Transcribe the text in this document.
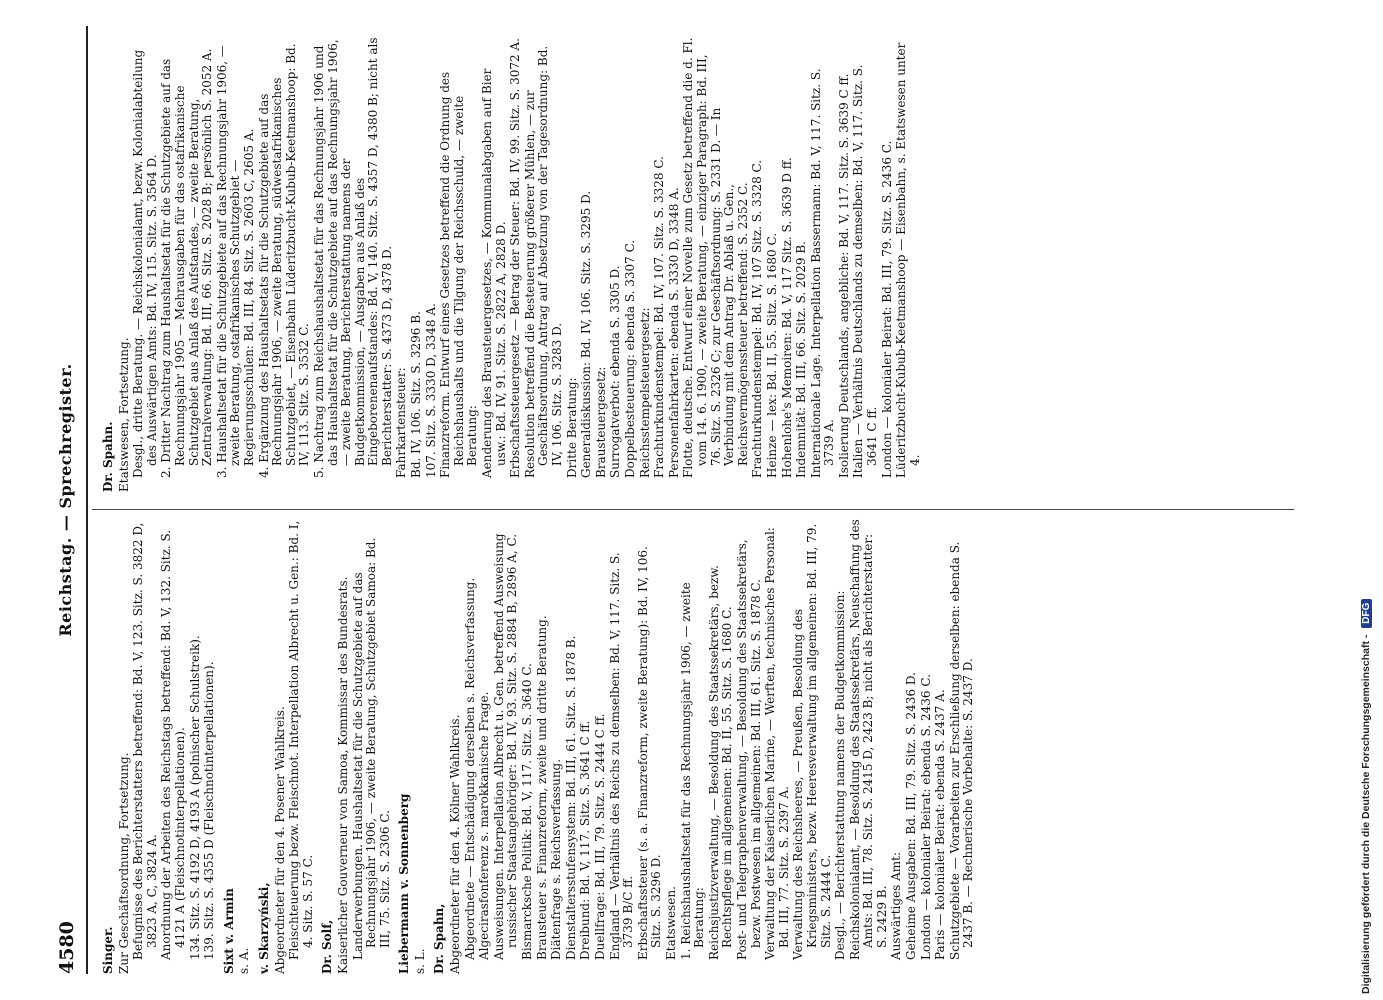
4580
Reichstag. — Sprechregister.
Singer. Zur Geschäftsordnung, Fortsetzung. Befugnisse des Berichterstatters betreffend: Bd. V, 123. Sitz. S. 3822 D, 3823 A, C, 3824 A. Anordnung der Arbeiten des Reichstags betreffend: Bd. V, 132. Sitz. S. 4121 A (Fleischnotinterpellationen). 134. Sitz. S. 4192 D, 4193 A (polnischer Schulstreik). 139. Sitz. S. 4355 D (Fleischnotinterpellationen). Sixt v. Armin s. A. v. Skarzyński, Abgeordneter für den 4. Posener Wahlkreis. Fleischteuerung bezw. Fleischnot. Interpellation Albrecht u. Gen.: Bd. I, 4. Sitz. S. 57 C. Dr. Solf, Kaiserlicher Gouverneur von Samoa, Kommissar des Bundesrats. Landerwerbungen. Haushaltsetat für die Schutzgebiete auf das Rechnungsjahr 1906, — zweite Beratung, Schutzgebiet Samoa: Bd. III, 75. Sitz. S. 2306 C. Liebermann v. Sonnenberg s. L. Dr. Spahn, Abgeordneter für den 4. Kölner Wahlkreis. Abgeordnete — Entschädigung derselben s. Reichsverfassung. Algecirasfonferenz s. marokkanische Frage. Ausweisungen. Interpellation Albrecht u. Gen. betreffend Ausweisung russischer Staatsangehöriger: Bd. IV, 93. Sitz. S. 2884 B, 2896 A, C. Bismarcksche Politik: Bd. V, 117. Sitz. S. 3640 C. Brausteuer s. Finanzreform, zweite und dritte Beratung. Diätenfrage s. Reichsverfassung. Dienstaltersstufensystem: Bd. III, 61. Sitz. S. 1878 B. Dreibund: Bd. V, 117. Sitz. S. 3641 C ff. Duellfrage: Bd. III, 79. Sitz. S. 2444 C ff. England — Verhältnis des Reichs zu demselben: Bd. V, 117. Sitz. S. 3739 B/C ff. Erbschaftssteuer (s. a. Finanzreform, zweite Beratung): Bd. IV, 106. Sitz. S. 3296 D. Etatswesen. 1. Reichshaushaltsetat für das Rechnungsjahr 1906, — zweite Beratung: Reichsjustizverwaltung, — Besoldung des Staatssekretärs, bezw. Rechtspflege im allgemeinen: Bd. II, 55. Sitz. S. 1680 C. Post- und Telegraphenverwaltung, — Besoldung des Staatssekretärs, bezw. Postwesen im allgemeinen: Bd. III, 61. Sitz. S. 1878 C. Verwaltung der Kaiserlichen Marine, — Werften, technisches Personal: Bd. III, 77. Sitz. S. 2397 A. Verwaltung des Reichsheeres, — Preußen, Besoldung des Kriegsministers, bezw. Heeresverwaltung im allgemeinen: Bd. III, 79. Sitz. S. 2444 C. Desgl., — Berichterstattung namens der Budgetkommission: Reichskolonialamt, — Besoldung des Staatssekretärs, Neuschaffung des Amts: Bd. III, 78. Sitz. S. 2415 D, 2423 B; nicht als Berichterstatter: S. 2429 B. Auswärtiges Amt: Geheime Ausgaben: Bd. III, 79. Sitz. S. 2436 D. London — kolonialer Beirat: ebenda S. 2436 C. Paris — kolonialer Beirat: ebenda S. 2437 A. Schutzgebiete — Vorarbeiten zur Erschließung derselben: ebenda S. 2437 B. — Rechnerische Vorbehalte: S. 2437 D.
Dr. Spahn. Etatswesen, Fortsetzung. Desgl., dritte Beratung. — Reichskolonialamt, bezw. Kolonialabteilung des Auswärtigen Amts: Bd. IV, 115. Sitz. S. 3564 D. 2. Dritter Nachtrag zum Haushaltsetat für die Schutzgebiete auf das Rechnungsjahr 1905 — Mehrausgaben für das ostafrikanische Schutzgebiet aus Anlaß des Aufstandes, — zweite Beratung, Zentralverwaltung: Bd. III, 66. Sitz. S. 2028 B; persönlich S. 2052 A. 3. Haushaltsetat für die Schutzgebiete auf das Rechnungsjahr 1906, — zweite Beratung, ostafrikanisches Schutzgebiet — Regierungsschulen: Bd. III, 84. Sitz. S. 2603 C, 2605 A. 4. Ergänzung des Haushaltsetats für die Schutzgebiete auf das Rechnungsjahr 1906, — zweite Beratung, südwestafrikanisches Schutzgebiet, — Eisenbahn Lüderitzbucht-Kubub-Keetmanshoop: Bd. IV, 113. Sitz. S. 3532 C. 5. Nachtrag zum Reichshaushaltsetat für das Rechnungsjahr 1906 und das Haushaltsetat für die Schutzgebiete auf das Rechnungsjahr 1906, — zweite Beratung, Berichterstattung namens der Budgetkommission, — Ausgaben aus Anlaß des Eingeborenenaufstandes: Bd. V, 140. Sitz. S. 4357 D, 4380 B; nicht als Berichterstatter: S. 4373 D, 4378 D. Fahrkartensteuer: Bd. IV, 106. Sitz. S. 3296 B. 107. Sitz. S. 3330 D, 3348 A. Finanzreform. Entwurf eines Gesetzes betreffend die Ordnung des Reichshaushalts und die Tilgung der Reichsschuld, — zweite Beratung: Aenderung des Brausteuergesetzes, — Kommunalabgaben auf Bier usw.: Bd. IV, 91. Sitz. S. 2822 A, 2828 D. Erbschaftssteuergesetz — Betrag der Steuer: Bd. IV, 99. Sitz. S. 3072 A. Resolution betreffend die Besteuerung größerer Mühlen, — zur Geschäftsordnung, Antrag auf Absetzung von der Tagesordnung: Bd. IV, 106. Sitz. S. 3283 D. Dritte Beratung: Generaldiskussion: Bd. IV, 106. Sitz. S. 3295 D. Brausteuergesetz: Surrogatverbot: ebenda S. 3305 D. Doppelbesteuerung: ebenda S. 3307 C. Reichsstempelsteuergesetz: Frachturkundenstempel: Bd. IV, 107. Sitz. S. 3328 C. Personenfahrkarten: ebenda S. 3330 D, 3348 A. Flotte, deutsche. Entwurf einer Novelle zum Gesetz betreffend die d. Fl. vom 14. 6. 1900, — zweite Beratung, — einziger Paragraph: Bd. III, 76. Sitz. S. 2326 C; zur Geschäftsordnung: S. 2331 D. — In Verbindung mit dem Antrag Dr. Ablaß u. Gen., Reichsvermögenssteuer betreffend: S. 2352 C. Frachturkundenstempel: Bd. IV, 107 Sitz. S. 3328 C. Heinze — lex: Bd. II, 55. Sitz. S. 1680 C. Hohenlohe's Memoiren: Bd. V, 117 Sitz. S. 3639 D ff. Indemnität: Bd. III, 66. Sitz. S. 2029 B. Internationale Lage. Interpellation Bassermann: Bd. V, 117. Sitz. S. 3739 A. Isolierung Deutschlands, angebliche: Bd. V, 117. Sitz. S. 3639 C ff. Italien — Verhältnis Deutschlands zu demselben: Bd. V, 117. Sitz. S. 3641 C ff. London — kolonialer Beirat: Bd. III, 79. Sitz. S. 2436 C. Lüderitzbucht-Kubub-Keetmanshoop — Eisenbahn, s. Etatswesen unter 4.
Digitalisierung gefördert durch die Deutsche Forschungsgemeinschaft - DFG
